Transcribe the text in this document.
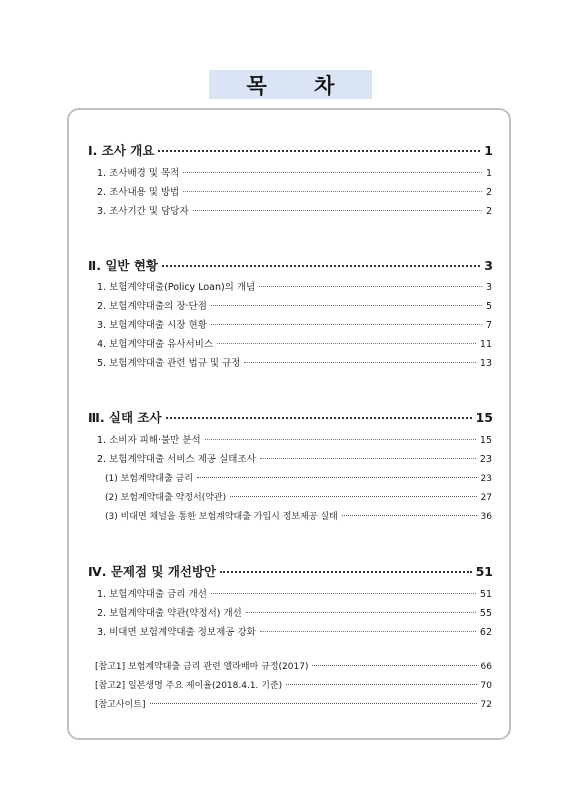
목 차
Ⅰ. 조사 개요	1
1. 조사배경 및 목적	1
2. 조사내용 및 방법	2
3. 조사기간 및 담당자	2
Ⅱ. 일반 현황	3
1. 보험계약대출(Policy Loan)의 개념	3
2. 보험계약대출의 장·단점	5
3. 보험계약대출 시장 현황	7
4. 보험계약대출 유사서비스	11
5. 보험계약대출 관련 법규 및 규정	13
Ⅲ. 실태 조사	15
1. 소비자 피해·불만 분석	15
2. 보험계약대출 서비스 제공 실태조사	23
(1) 보험계약대출 금리	23
(2) 보험계약대출 약정서(약관)	27
(3) 비대면 채널을 통한 보험계약대출 가입시 정보제공 실태	36
Ⅳ. 문제점 및 개선방안	51
1. 보험계약대출 금리 개선	51
2. 보험계약대출 약관(약정서) 개선	55
3. 비대면 보험계약대출 정보제공 강화	62
[참고1] 보험계약대출 금리 관련 앨라배마 규정(2017)	66
[참고2] 일본생명 주요 제이율(2018.4.1. 기준)	70
[참고사이트]	72
